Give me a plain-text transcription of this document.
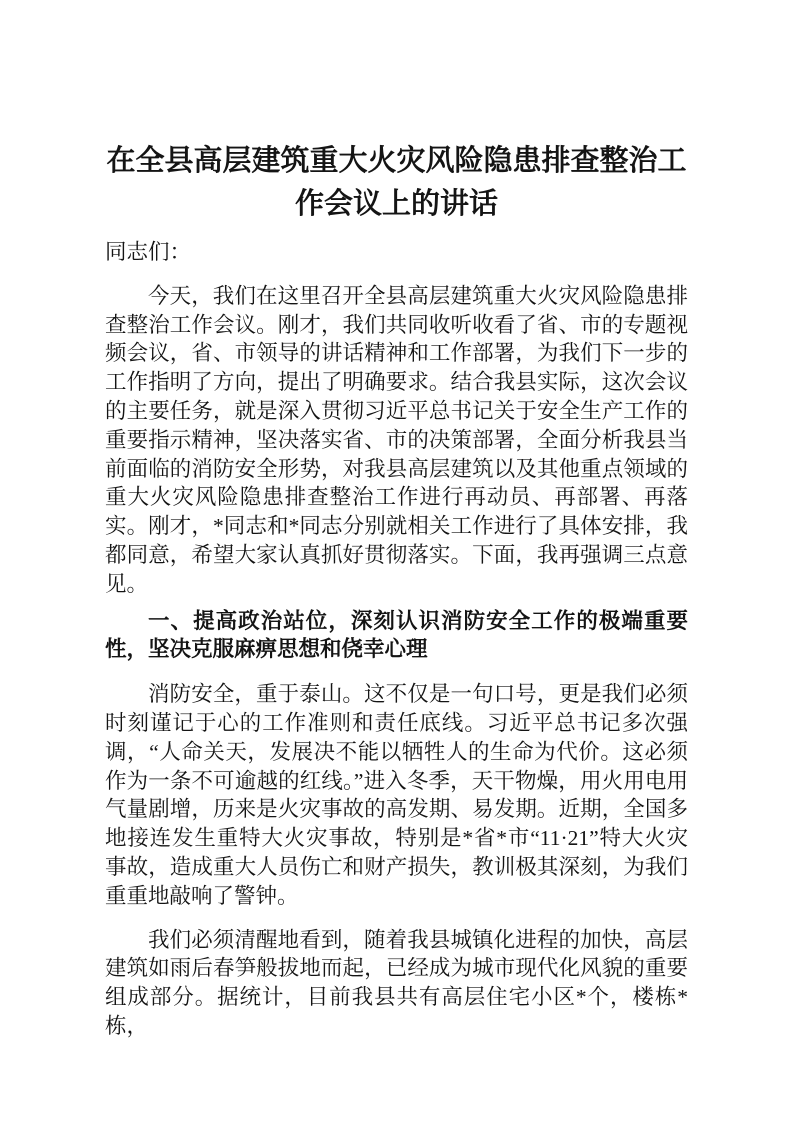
在全县高层建筑重大火灾风险隐患排查整治工作会议上的讲话

同志们：

今天，我们在这里召开全县高层建筑重大火灾风险隐患排查整治工作会议。刚才，我们共同收听收看了省、市的专题视频会议，省、市领导的讲话精神和工作部署，为我们下一步的工作指明了方向，提出了明确要求。结合我县实际，这次会议的主要任务，就是深入贯彻习近平总书记关于安全生产工作的重要指示精神，坚决落实省、市的决策部署，全面分析我县当前面临的消防安全形势，对我县高层建筑以及其他重点领域的重大火灾风险隐患排查整治工作进行再动员、再部署、再落实。刚才，*同志和*同志分别就相关工作进行了具体安排，我都同意，希望大家认真抓好贯彻落实。下面，我再强调三点意见。

一、提高政治站位，深刻认识消防安全工作的极端重要性，坚决克服麻痹思想和侥幸心理

消防安全，重于泰山。这不仅是一句口号，更是我们必须时刻谨记于心的工作准则和责任底线。习近平总书记多次强调，“人命关天，发展决不能以牺牲人的生命为代价。这必须作为一条不可逾越的红线。”进入冬季，天干物燥，用火用电用气量剧增，历来是火灾事故的高发期、易发期。近期，全国多地接连发生重特大火灾事故，特别是*省*市“11·21”特大火灾事故，造成重大人员伤亡和财产损失，教训极其深刻，为我们重重地敲响了警钟。

我们必须清醒地看到，随着我县城镇化进程的加快，高层建筑如雨后春笋般拔地而起，已经成为城市现代化风貌的重要组成部分。据统计，目前我县共有高层住宅小区*个，楼栋*栋，
